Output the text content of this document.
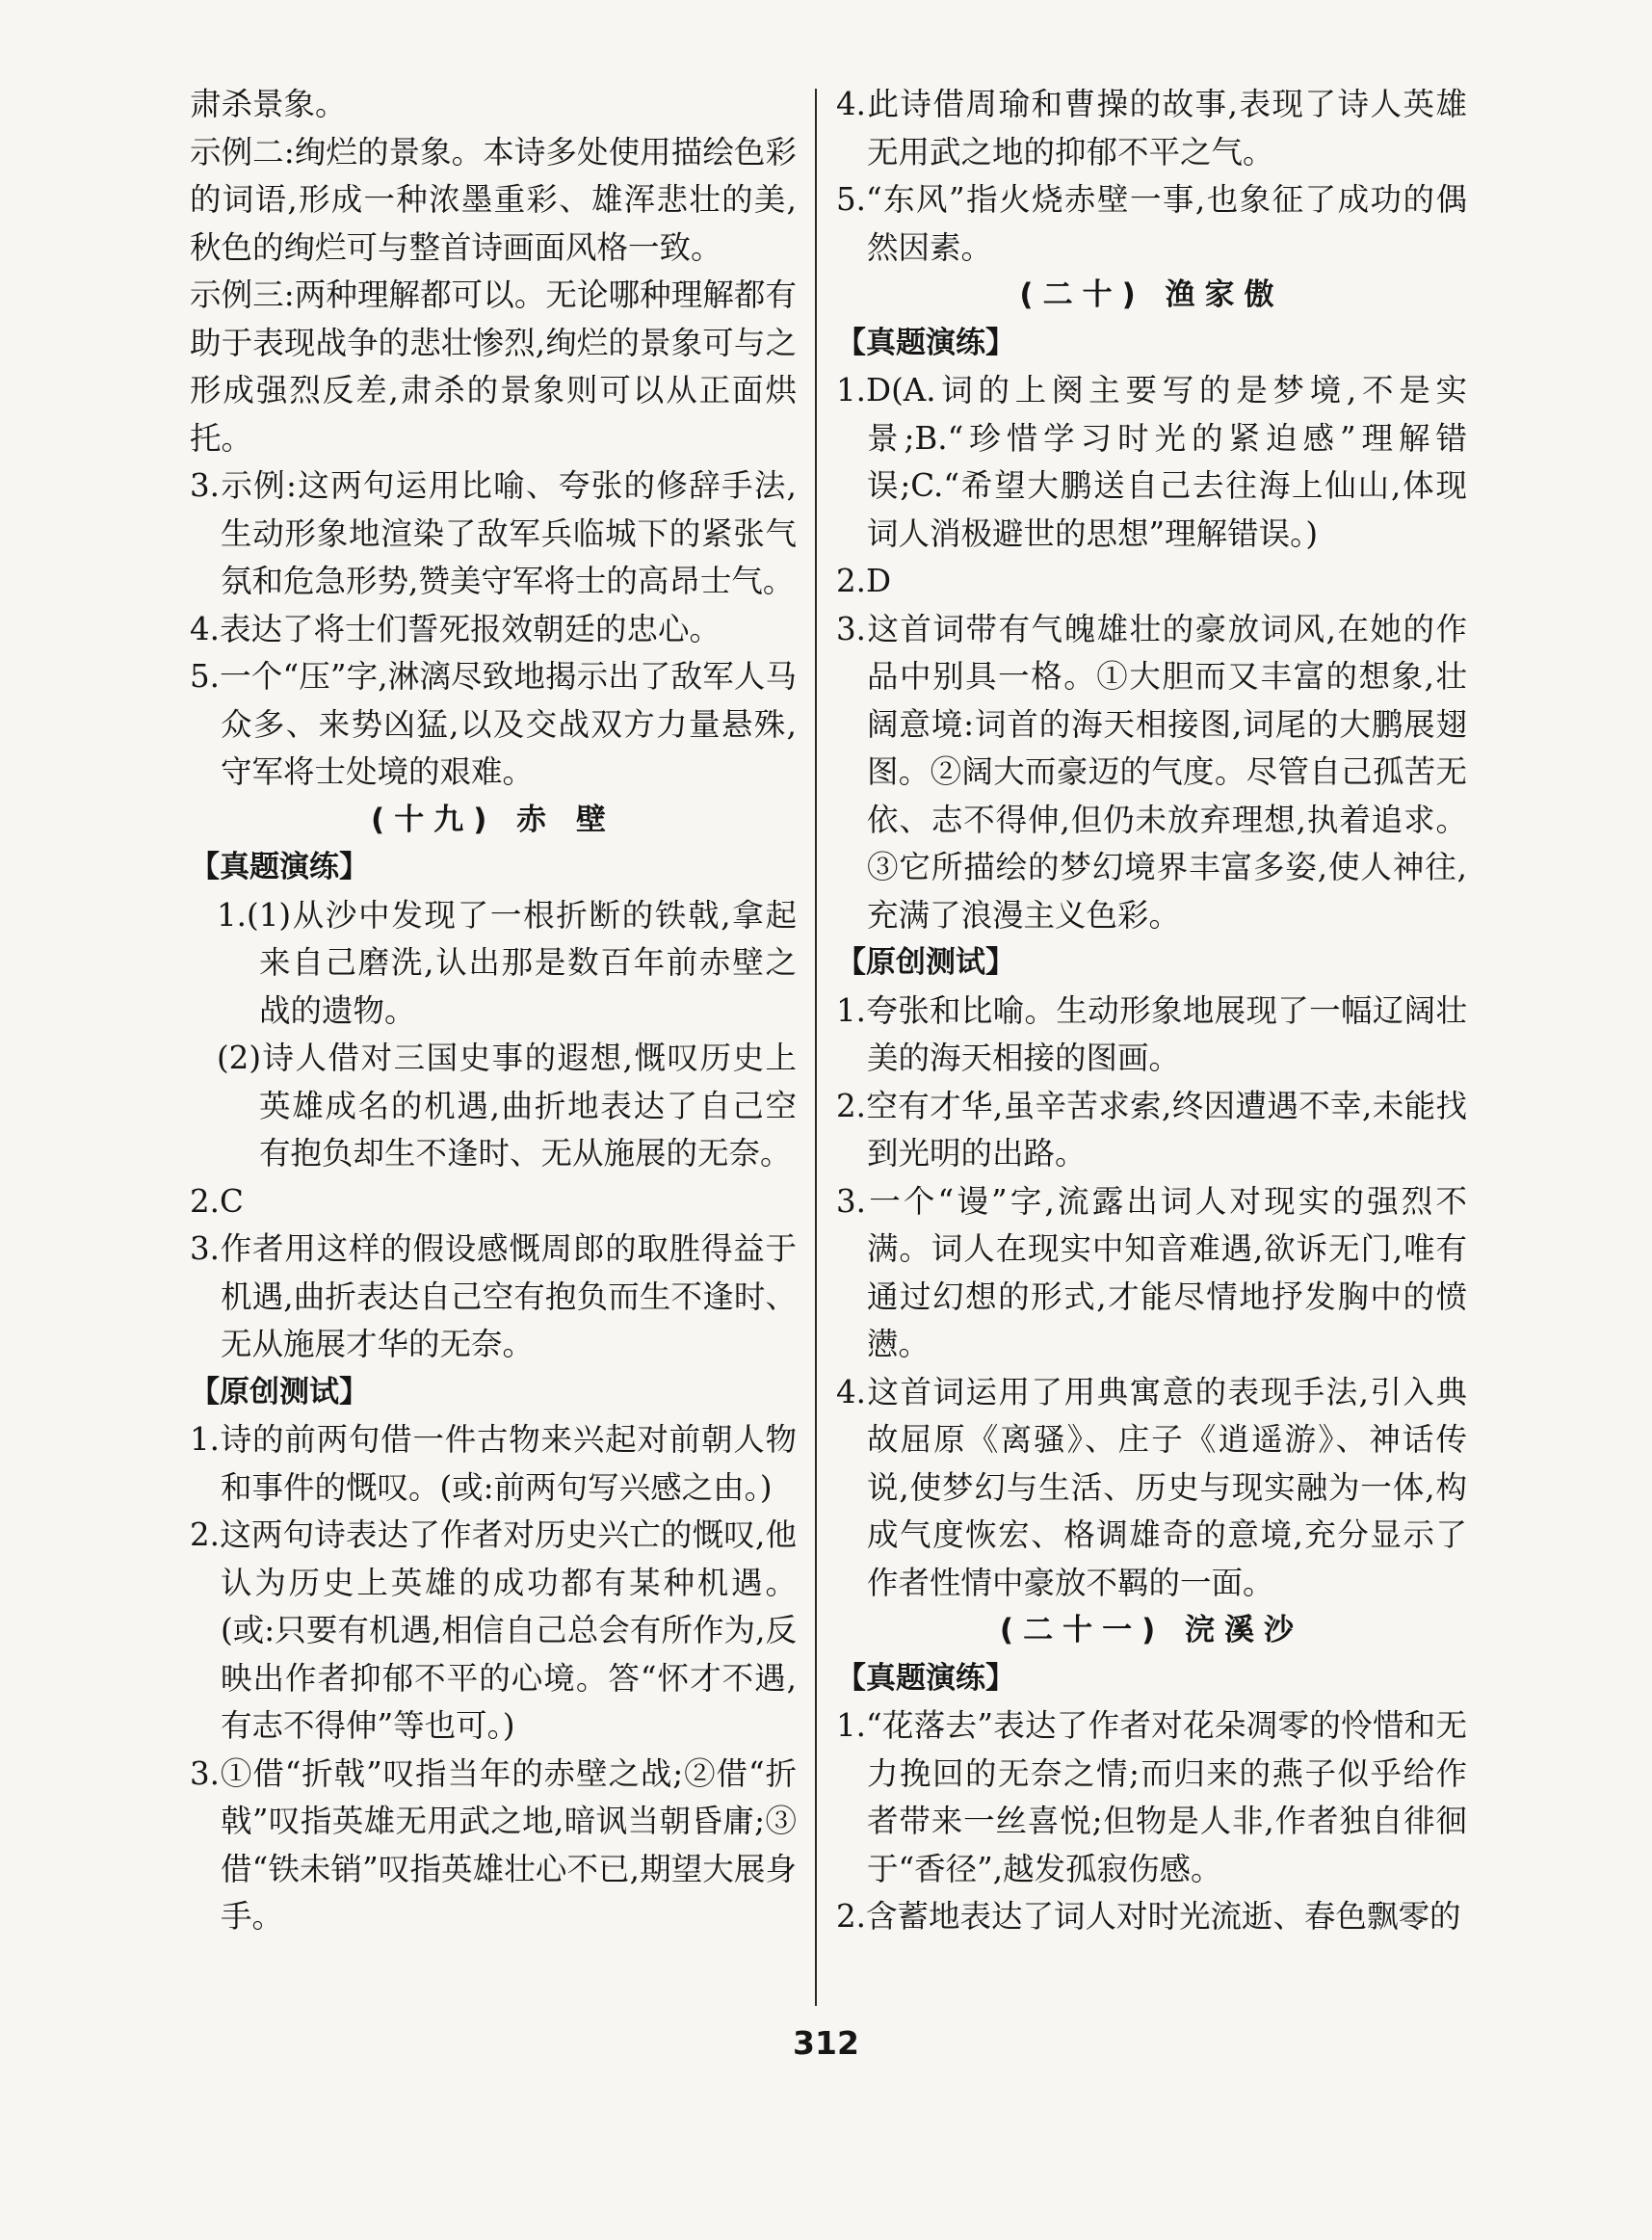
肃杀景象。

示例二:绚烂的景象。本诗多处使用描绘色彩的词语,形成一种浓墨重彩、雄浑悲壮的美,秋色的绚烂可与整首诗画面风格一致。

示例三:两种理解都可以。无论哪种理解都有助于表现战争的悲壮惨烈,绚烂的景象可与之形成强烈反差,肃杀的景象则可以从正面烘托。

3.示例:这两句运用比喻、夸张的修辞手法,生动形象地渲染了敌军兵临城下的紧张气氛和危急形势,赞美守军将士的高昂士气。

4.表达了将士们誓死报效朝廷的忠心。

5.一个“压”字,淋漓尽致地揭示出了敌军人马众多、来势凶猛,以及交战双方力量悬殊,守军将士处境的艰难。

(十九) 赤 壁

【真题演练】

1.(1)从沙中发现了一根折断的铁戟,拿起来自己磨洗,认出那是数百年前赤壁之战的遗物。

(2)诗人借对三国史事的遐想,慨叹历史上英雄成名的机遇,曲折地表达了自己空有抱负却生不逢时、无从施展的无奈。

2.C

3.作者用这样的假设感慨周郎的取胜得益于机遇,曲折表达自己空有抱负而生不逢时、无从施展才华的无奈。

【原创测试】

1.诗的前两句借一件古物来兴起对前朝人物和事件的慨叹。(或:前两句写兴感之由。)

2.这两句诗表达了作者对历史兴亡的慨叹,他认为历史上英雄的成功都有某种机遇。(或:只要有机遇,相信自己总会有所作为,反映出作者抑郁不平的心境。答“怀才不遇,有志不得伸”等也可。)

3.①借“折戟”叹指当年的赤壁之战;②借“折戟”叹指英雄无用武之地,暗讽当朝昏庸;③借“铁未销”叹指英雄壮心不已,期望大展身手。

4.此诗借周瑜和曹操的故事,表现了诗人英雄无用武之地的抑郁不平之气。

5.“东风”指火烧赤壁一事,也象征了成功的偶然因素。

(二十) 渔家傲

【真题演练】

1.D(A.词的上阕主要写的是梦境,不是实景;B.“珍惜学习时光的紧迫感”理解错误;C.“希望大鹏送自己去往海上仙山,体现词人消极避世的思想”理解错误。)

2.D

3.这首词带有气魄雄壮的豪放词风,在她的作品中别具一格。①大胆而又丰富的想象,壮阔意境:词首的海天相接图,词尾的大鹏展翅图。②阔大而豪迈的气度。尽管自己孤苦无依、志不得伸,但仍未放弃理想,执着追求。③它所描绘的梦幻境界丰富多姿,使人神往,充满了浪漫主义色彩。

【原创测试】

1.夸张和比喻。生动形象地展现了一幅辽阔壮美的海天相接的图画。

2.空有才华,虽辛苦求索,终因遭遇不幸,未能找到光明的出路。

3.一个“谩”字,流露出词人对现实的强烈不满。词人在现实中知音难遇,欲诉无门,唯有通过幻想的形式,才能尽情地抒发胸中的愤懑。

4.这首词运用了用典寓意的表现手法,引入典故屈原《离骚》、庄子《逍遥游》、神话传说,使梦幻与生活、历史与现实融为一体,构成气度恢宏、格调雄奇的意境,充分显示了作者性情中豪放不羁的一面。

(二十一) 浣溪沙

【真题演练】

1.“花落去”表达了作者对花朵凋零的怜惜和无力挽回的无奈之情;而归来的燕子似乎给作者带来一丝喜悦;但物是人非,作者独自徘徊于“香径”,越发孤寂伤感。

2.含蓄地表达了词人对时光流逝、春色飘零的

312
